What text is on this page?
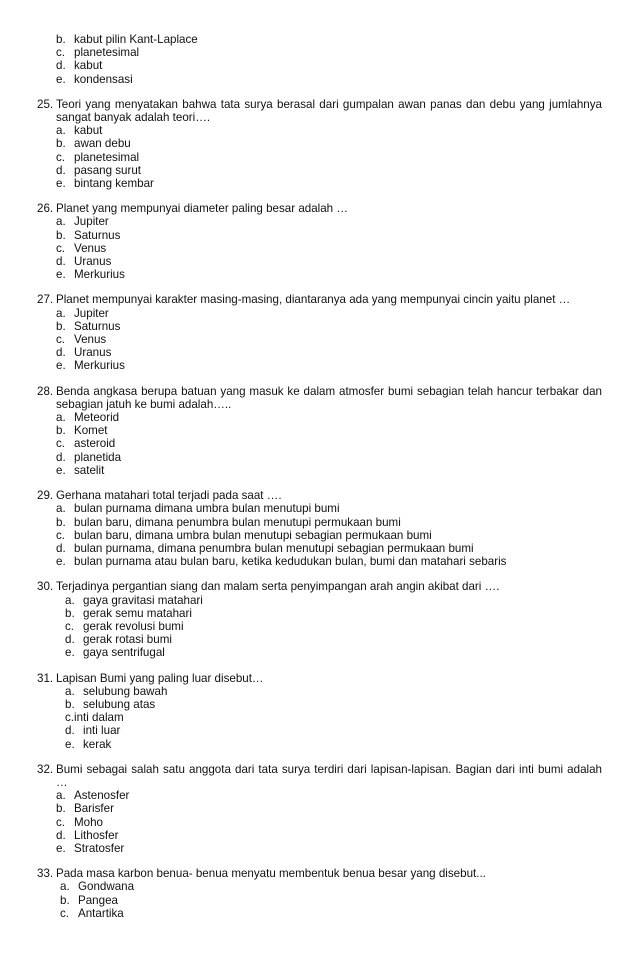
b. kabut pilin Kant-Laplace
c. planetesimal
d. kabut
e. kondensasi
25. Teori yang menyatakan bahwa tata surya berasal dari gumpalan awan panas dan debu yang jumlahnya sangat banyak adalah teori….
a. kabut
b. awan debu
c. planetesimal
d. pasang surut
e. bintang kembar
26. Planet yang mempunyai diameter paling besar adalah …
a. Jupiter
b. Saturnus
c. Venus
d. Uranus
e. Merkurius
27. Planet mempunyai karakter masing-masing, diantaranya ada yang mempunyai cincin yaitu planet …
a. Jupiter
b. Saturnus
c. Venus
d. Uranus
e. Merkurius
28. Benda angkasa berupa batuan yang masuk ke dalam atmosfer bumi sebagian telah hancur terbakar dan sebagian jatuh ke bumi adalah…..
a. Meteorid
b. Komet
c. asteroid
d. planetida
e. satelit
29. Gerhana matahari total terjadi pada saat ….
a. bulan purnama dimana umbra bulan menutupi bumi
b. bulan baru, dimana penumbra bulan menutupi permukaan bumi
c. bulan baru, dimana umbra bulan menutupi sebagian permukaan bumi
d. bulan purnama, dimana penumbra bulan menutupi sebagian permukaan bumi
e. bulan purnama atau bulan baru, ketika kedudukan bulan, bumi dan matahari sebaris
30. Terjadinya pergantian siang dan malam serta penyimpangan arah angin akibat dari ….
a. gaya gravitasi matahari
b. gerak semu matahari
c. gerak revolusi bumi
d. gerak rotasi bumi
e. gaya sentrifugal
31. Lapisan Bumi yang paling luar disebut…
a. selubung bawah
b. selubung atas
c.inti dalam
d. inti luar
e. kerak
32. Bumi sebagai salah satu anggota dari tata surya terdiri dari lapisan-lapisan. Bagian dari inti bumi adalah …
a. Astenosfer
b. Barisfer
c. Moho
d. Lithosfer
e. Stratosfer
33. Pada masa karbon benua- benua menyatu membentuk benua besar yang disebut...
a. Gondwana
b. Pangea
c. Antartika
